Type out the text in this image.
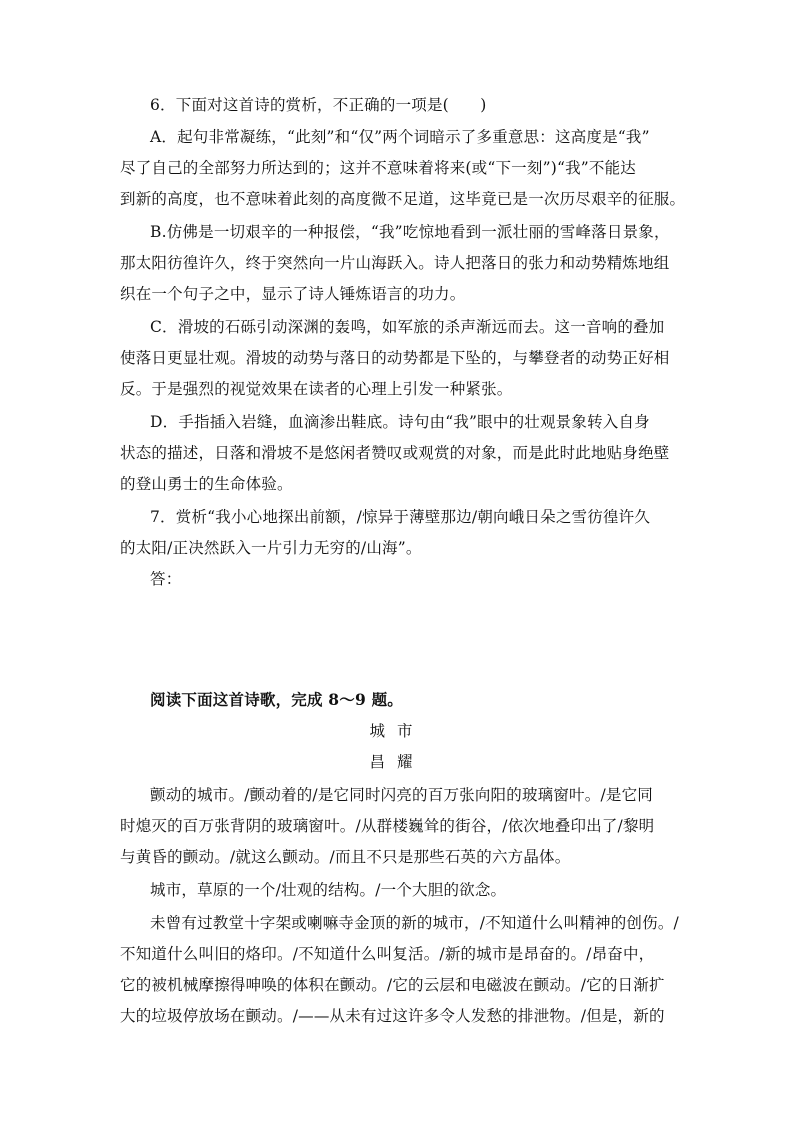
6．下面对这首诗的赏析，不正确的一项是(　　)
A．起句非常凝练，“此刻”和“仅”两个词暗示了多重意思：这高度是“我”
尽了自己的全部努力所达到的；这并不意味着将来(或“下一刻”)“我”不能达
到新的高度，也不意味着此刻的高度微不足道，这毕竟已是一次历尽艰辛的征服。
B.仿佛是一切艰辛的一种报偿，“我”吃惊地看到一派壮丽的雪峰落日景象，
那太阳彷徨许久，终于突然向一片山海跃入。诗人把落日的张力和动势精炼地组
织在一个句子之中，显示了诗人锤炼语言的功力。
C．滑坡的石砾引动深渊的轰鸣，如军旅的杀声渐远而去。这一音响的叠加
使落日更显壮观。滑坡的动势与落日的动势都是下坠的，与攀登者的动势正好相
反。于是强烈的视觉效果在读者的心理上引发一种紧张。
D．手指插入岩缝，血滴渗出鞋底。诗句由“我”眼中的壮观景象转入自身
状态的描述，日落和滑坡不是悠闲者赞叹或观赏的对象，而是此时此地贴身绝壁
的登山勇士的生命体验。
7．赏析“我小心地探出前额，/惊异于薄壁那边/朝向峨日朵之雪彷徨许久
的太阳/正决然跃入一片引力无穷的/山海”。
答：
阅读下面这首诗歌，完成 8～9 题。
城市
昌耀
颤动的城市。/颤动着的/是它同时闪亮的百万张向阳的玻璃窗叶。/是它同
时熄灭的百万张背阴的玻璃窗叶。/从群楼巍耸的街谷，/依次地叠印出了/黎明
与黄昏的颤动。/就这么颤动。/而且不只是那些石英的六方晶体。
城市，草原的一个/壮观的结构。/一个大胆的欲念。
未曾有过教堂十字架或喇嘛寺金顶的新的城市，/不知道什么叫精神的创伤。/
不知道什么叫旧的烙印。/不知道什么叫复活。/新的城市是昂奋的。/昂奋中，
它的被机械摩擦得呻唤的体积在颤动。/它的云层和电磁波在颤动。/它的日渐扩
大的垃圾停放场在颤动。/——从未有过这许多令人发愁的排泄物。/但是，新的
